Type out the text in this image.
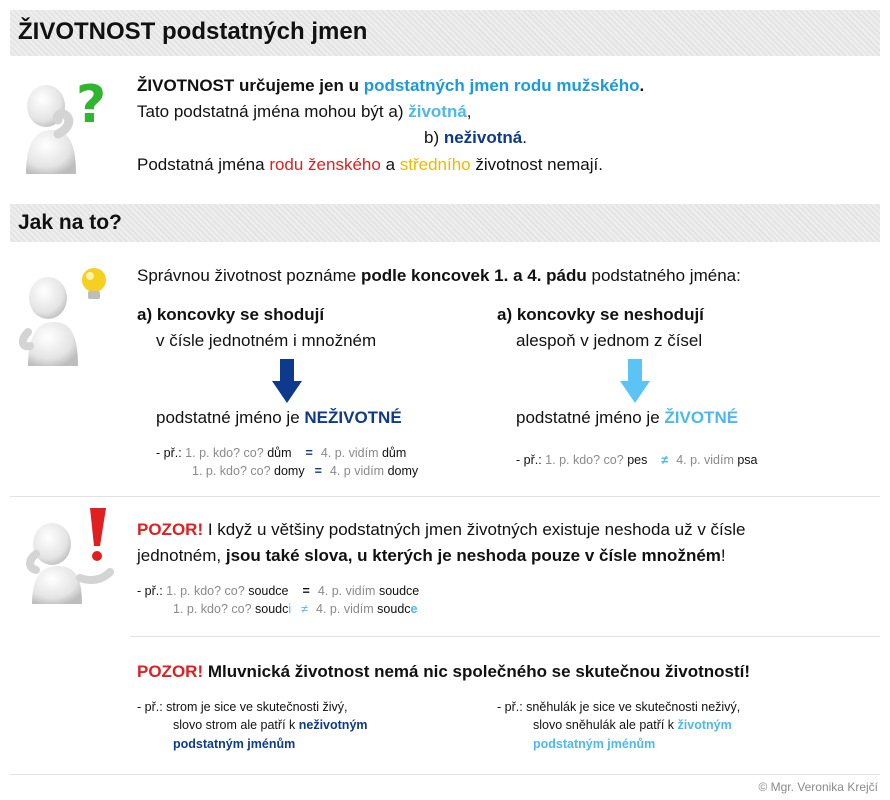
ŽIVOTNOST podstatných jmen
? ŽIVOTNOST určujeme jen u podstatných jmen rodu mužského.
Tato podstatná jména mohou být a) životná,
b) neživotná.
Podstatná jména rodu ženského a středního životnost nemají.
Jak na to?
Správnou životnost poznáme podle koncovek 1. a 4. pádu podstatného jména:
a) koncovky se shodují
v čísle jednotném i množném
podstatné jméno je NEŽIVOTNÉ
- př.: 1. p. kdo? co? dům = 4. p. vidím dům
1. p. kdo? co? domy = 4. p vidím domy
a) koncovky se neshodují
alespoň v jednom z čísel
podstatné jméno je ŽIVOTNÉ
- př.: 1. p. kdo? co? pes ≠ 4. p. vidím psa
POZOR! I když u většiny podstatných jmen životných existuje neshoda už v čísle
jednotném, jsou také slova, u kterých je neshoda pouze v čísle množném!
- př.: 1. p. kdo? co? soudce = 4. p. vidím soudce
1. p. kdo? co? soudci ≠ 4. p. vidím soudce
POZOR! Mluvnická životnost nemá nic společného se skutečnou životností!
- př.: strom je sice ve skutečnosti živý,
slovo strom ale patří k neživotným
podstatným jménům
- př.: sněhulák je sice ve skutečnosti neživý,
slovo sněhulák ale patří k životným
podstatným jménům
© Mgr. Veronika Krejčí
